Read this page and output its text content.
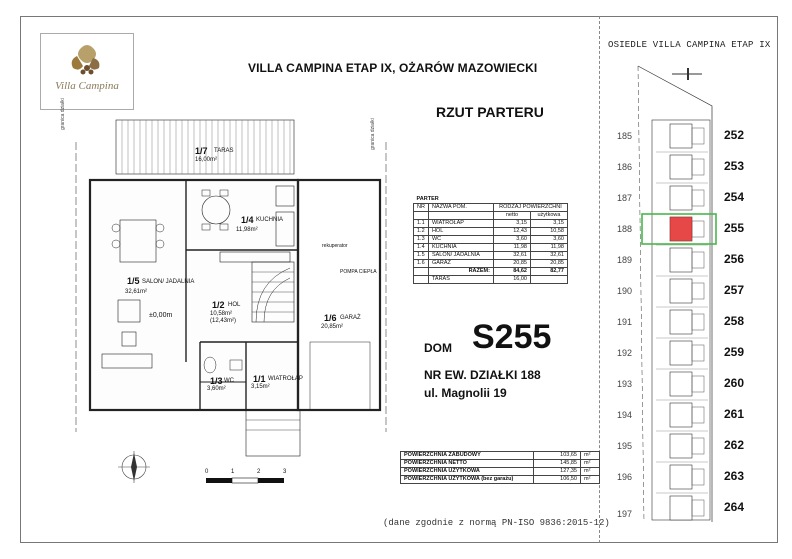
Villa Campina
VILLA CAMPINA ETAP IX, OŻARÓW MAZOWIECKI
RZUT PARTERU
1/7 TARAS
16,00m²
1/4 KUCHNIA
11,98m²
1/5 SALON/ JADALNIA
32,61m²
±0,00m
1/2 HOL
10,58m²
(12,43m²)	1/6 GARAŻ
20,85m²
1/3 WC
3,60m²
1/1 WIATROŁAP
3,15m²
rekuperator
POMPA CIEPŁA
granica działki
granica działki
0	1	2	3
PARTER			
NR	NAZWA POM.	RODZAJ POWIERZCHNI	
		netto	użytkowa
1.1	WIATROŁAP	3,15	3,15
1.2	HOL	12,43	10,58
1.3	WC	3,60	3,60
1.4	KUCHNIA	11,98	11,98
1.5	SALON/ JADALNIA	32,61	32,61
1.6	GARAŻ	20,85	20,85
	RAZEM:	84,62	82,77
	TARAS	16,00	
DOM S255
NR EW. DZIAŁKI 188
ul. Magnolii 19
POWIERZCHNIA ZABUDOWY	103,65	m²
POWIERZCHNIA NETTO	145,85	m²
POWIERZCHNIA UŻYTKOWA	127,35	m²
POWIERZCHNIA UŻYTKOWA (bez garażu)	106,50	m²
(dane zgodnie z normą PN-ISO 9836:2015-12)
OSIEDLE VILLA CAMPINA ETAP IX
185
186
187
188
189
190
191
192
193
194
195
196
197
252
253
254
255
256
257
258
259
260
261
262
263
264
